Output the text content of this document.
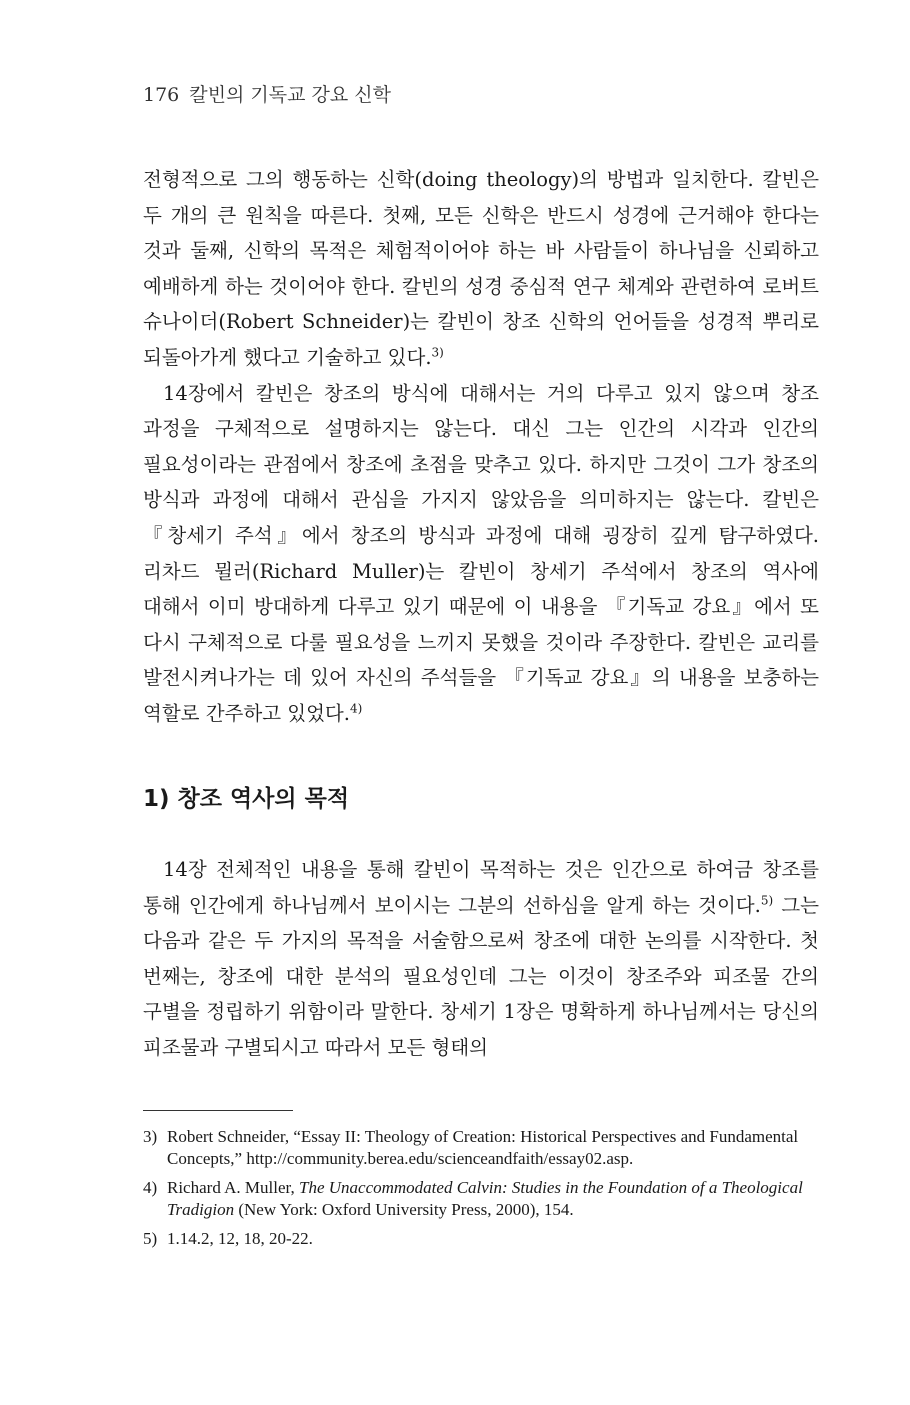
176 칼빈의 기독교 강요 신학

전형적으로 그의 행동하는 신학(doing theology)의 방법과 일치한다. 칼빈은 두 개의 큰 원칙을 따른다. 첫째, 모든 신학은 반드시 성경에 근거해야 한다는 것과 둘째, 신학의 목적은 체험적이어야 하는 바 사람들이 하나님을 신뢰하고 예배하게 하는 것이어야 한다. 칼빈의 성경 중심적 연구 체계와 관련하여 로버트 슈나이더(Robert Schneider)는 칼빈이 창조 신학의 언어들을 성경적 뿌리로 되돌아가게 했다고 기술하고 있다.$^{3)}$

14장에서 칼빈은 창조의 방식에 대해서는 거의 다루고 있지 않으며 창조 과정을 구체적으로 설명하지는 않는다. 대신 그는 인간의 시각과 인간의 필요성이라는 관점에서 창조에 초점을 맞추고 있다. 하지만 그것이 그가 창조의 방식과 과정에 대해서 관심을 가지지 않았음을 의미하지는 않는다. 칼빈은 『창세기 주석』에서 창조의 방식과 과정에 대해 굉장히 깊게 탐구하였다. 리차드 뮐러(Richard Muller)는 칼빈이 창세기 주석에서 창조의 역사에 대해서 이미 방대하게 다루고 있기 때문에 이 내용을 『기독교 강요』에서 또 다시 구체적으로 다룰 필요성을 느끼지 못했을 것이라 주장한다. 칼빈은 교리를 발전시켜나가는 데 있어 자신의 주석들을 『기독교 강요』의 내용을 보충하는 역할로 간주하고 있었다.$^{4)}$

1) 창조 역사의 목적

14장 전체적인 내용을 통해 칼빈이 목적하는 것은 인간으로 하여금 창조를 통해 인간에게 하나님께서 보이시는 그분의 선하심을 알게 하는 것이다.$^{5)}$ 그는 다음과 같은 두 가지의 목적을 서술함으로써 창조에 대한 논의를 시작한다. 첫 번째는, 창조에 대한 분석의 필요성인데 그는 이것이 창조주와 피조물 간의 구별을 정립하기 위함이라 말한다. 창세기 1장은 명확하게 하나님께서는 당신의 피조물과 구별되시고 따라서 모든 형태의

3) Robert Schneider, “Essay II: Theology of Creation: Historical Perspectives and Fundamental Concepts,” http://community.berea.edu/scienceandfaith/essay02.asp.
4) Richard A. Muller, The Unaccommodated Calvin: Studies in the Foundation of a Theological Tradigion (New York: Oxford University Press, 2000), 154.
5) 1.14.2, 12, 18, 20-22.
